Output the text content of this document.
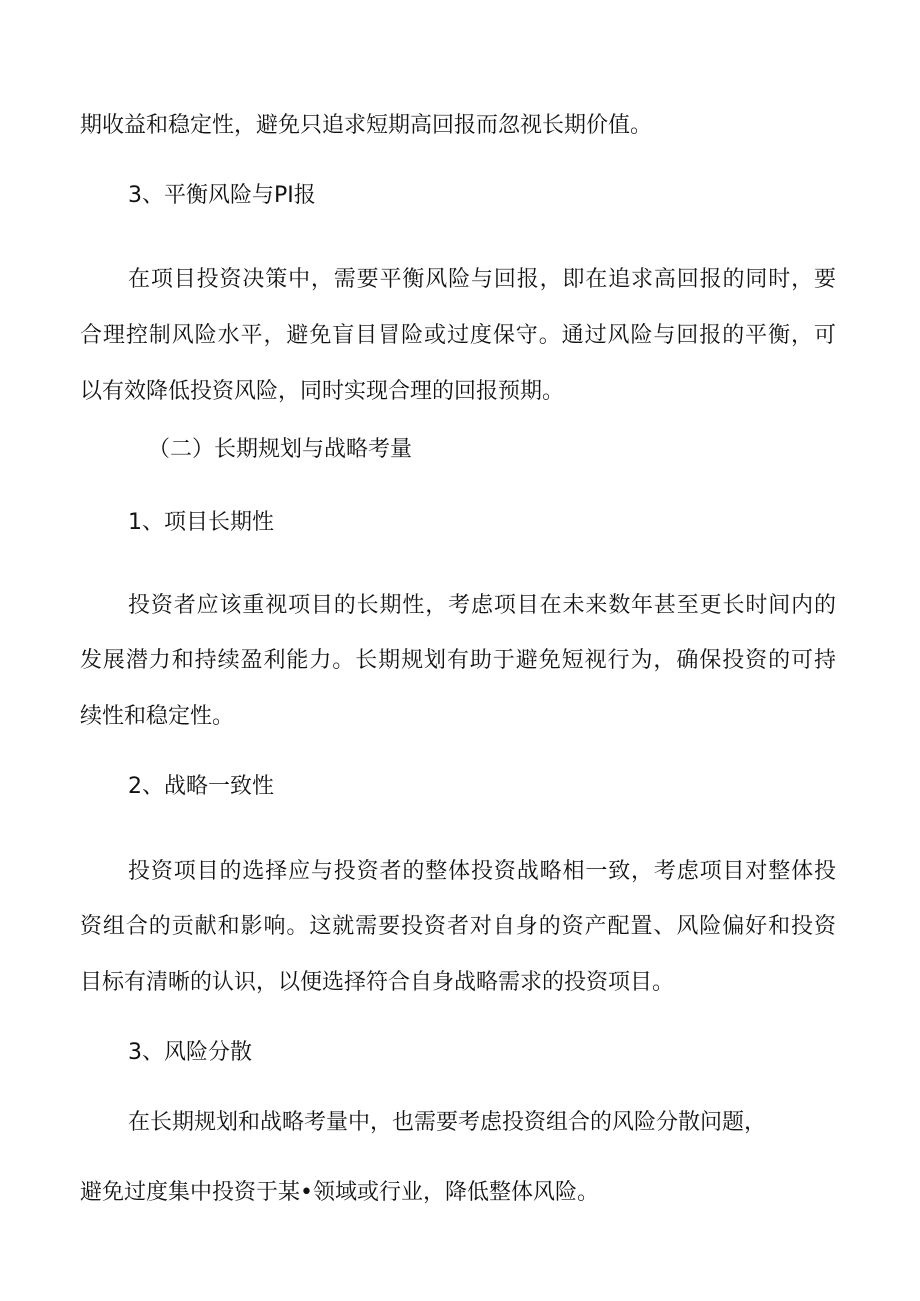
期收益和稳定性，避免只追求短期高回报而忽视长期价值。
3、平衡风险与PI报
在项目投资决策中，需要平衡风险与回报，即在追求高回报的同时，要
合理控制风险水平，避免盲目冒险或过度保守。通过风险与回报的平衡，可
以有效降低投资风险，同时实现合理的回报预期。
（二）长期规划与战略考量
1、项目长期性
投资者应该重视项目的长期性，考虑项目在未来数年甚至更长时间内的
发展潜力和持续盈利能力。长期规划有助于避免短视行为，确保投资的可持
续性和稳定性。
2、战略一致性
投资项目的选择应与投资者的整体投资战略相一致，考虑项目对整体投
资组合的贡献和影响。这就需要投资者对自身的资产配置、风险偏好和投资
目标有清晰的认识，以便选择符合自身战略需求的投资项目。
3、风险分散
在长期规划和战略考量中，也需要考虑投资组合的风险分散问题，
避免过度集中投资于某•领域或行业，降低整体风险。
